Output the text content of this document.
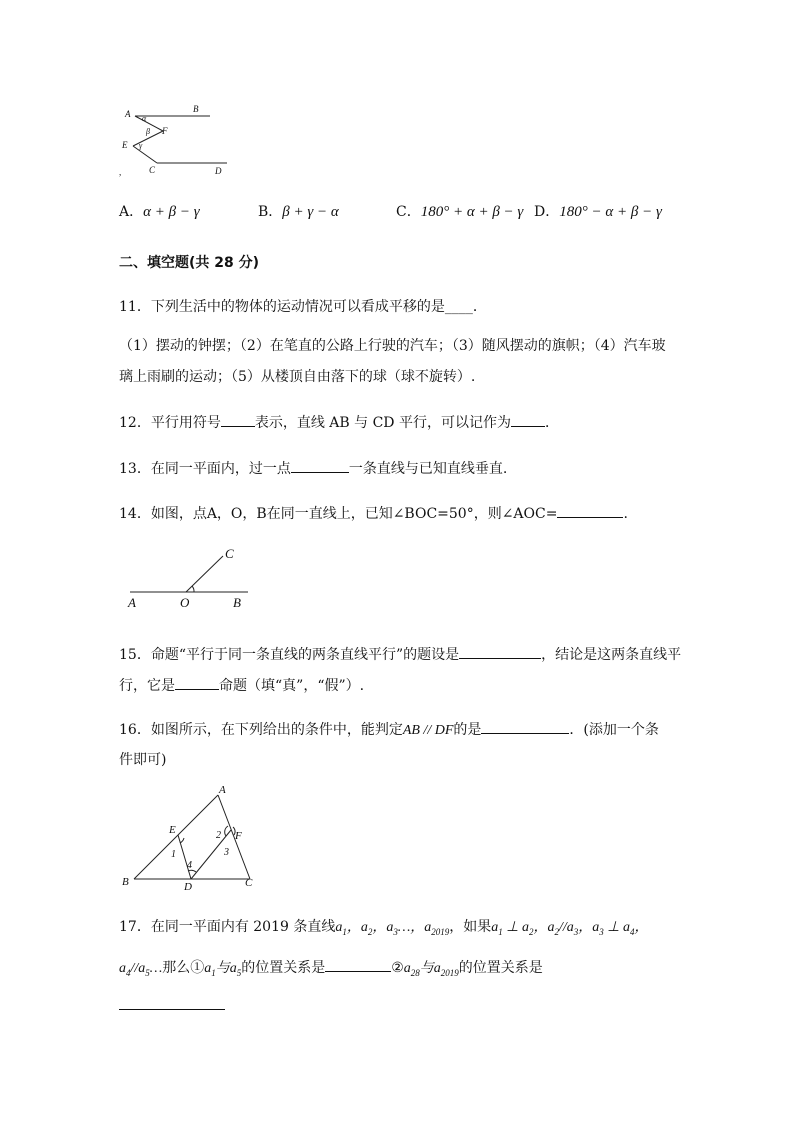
A	B
α
β F
E γ
C	D
,
A．α + β − γ	B．β + γ − α	C．180° + α + β − γ D．180° − α + β − γ
二、填空题(共 28 分)
11．下列生活中的物体的运动情况可以看成平移的是____．
（1）摆动的钟摆；（2）在笔直的公路上行驶的汽车；（3）随风摆动的旗帜；（4）汽车玻
璃上雨刷的运动；（5）从楼顶自由落下的球（球不旋转）.
12．平行用符号 表示，直线 AB 与 CD 平行，可以记作为 ．
13．在同一平面内，过一点	一条直线与已知直线垂直.
14．如图，点A，O，B在同一直线上，已知∠BOC=50°，则∠AOC=	.
A	O	B
C
15．命题“平行于同一条直线的两条直线平行”的题设是	，结论是这两条直线平
行，它是	命题（填“真”，“假”）.
16．如图所示，在下列给出的条件中，能判定AB // DF的是	．(添加一个条
件即可)
A
E	F
1
2
3
4
B	D	C
17．在同一平面内有 2019 条直线$a_1$，$a_2$，$a_3\dots$，$a_{2019}$，如果$a_1$ ⊥ $a_2$，$a_2//a_3$，$a_3$ ⊥ $a_4$，
$a_4//a_5\dots$那么$①a_1$与$a_5$的位置关系是	$②a_{28}$与$a_{2019}$的位置关系是
